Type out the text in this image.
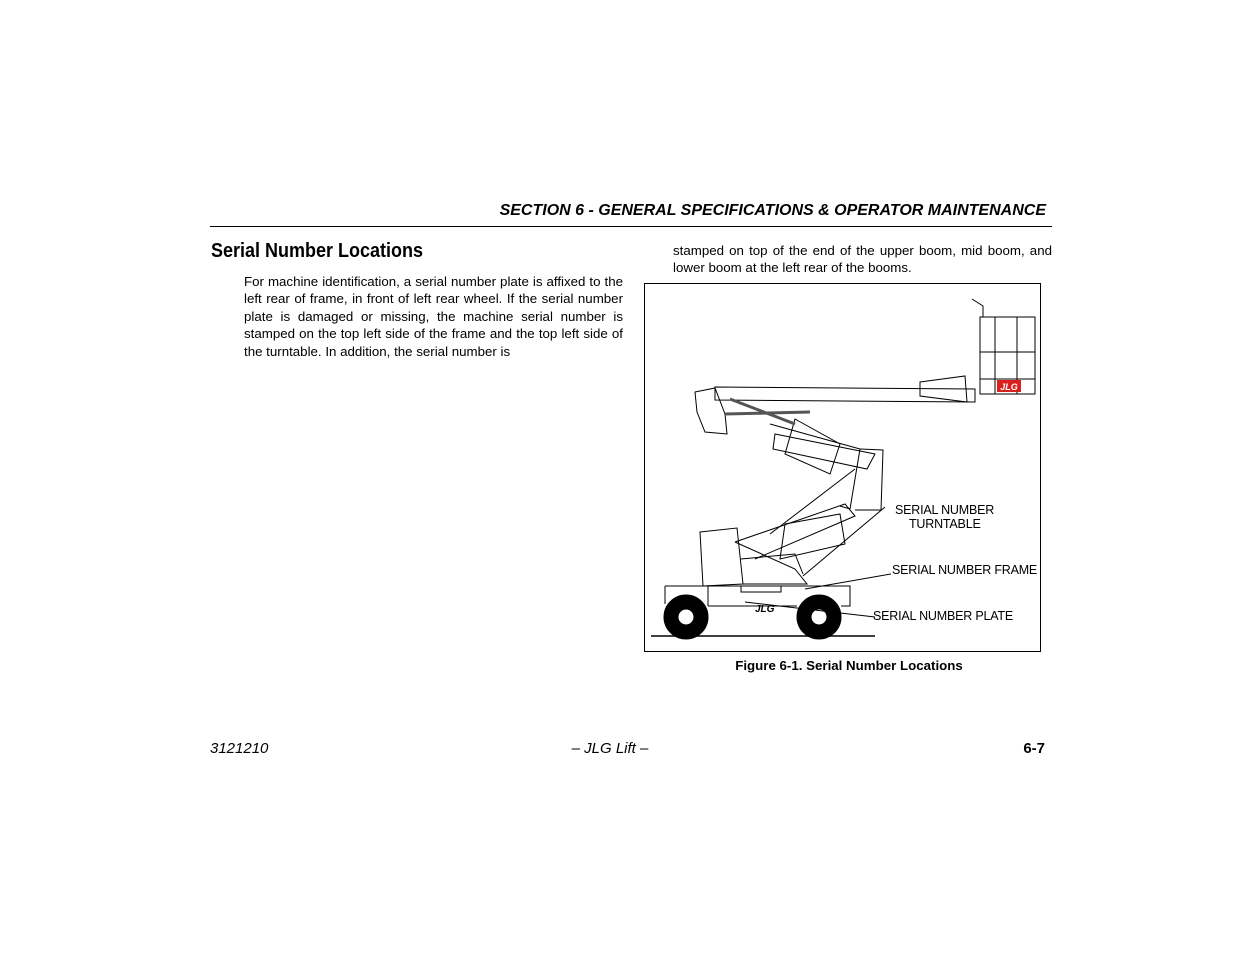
SECTION 6 - GENERAL SPECIFICATIONS & OPERATOR MAINTENANCE
Serial Number Locations
For machine identification, a serial number plate is affixed to the left rear of frame, in front of left rear wheel. If the serial number plate is damaged or missing, the machine serial number is stamped on the top left side of the frame and the top left side of the turntable. In addition, the serial number is
stamped on top of the end of the upper boom, mid boom, and lower boom at the left rear of the booms.
JLG
JLG
SERIAL NUMBER
TURNTABLE
SERIAL NUMBER FRAME
SERIAL NUMBER PLATE
Figure 6-1. Serial Number Locations
3121210	– JLG Lift –	6-7
